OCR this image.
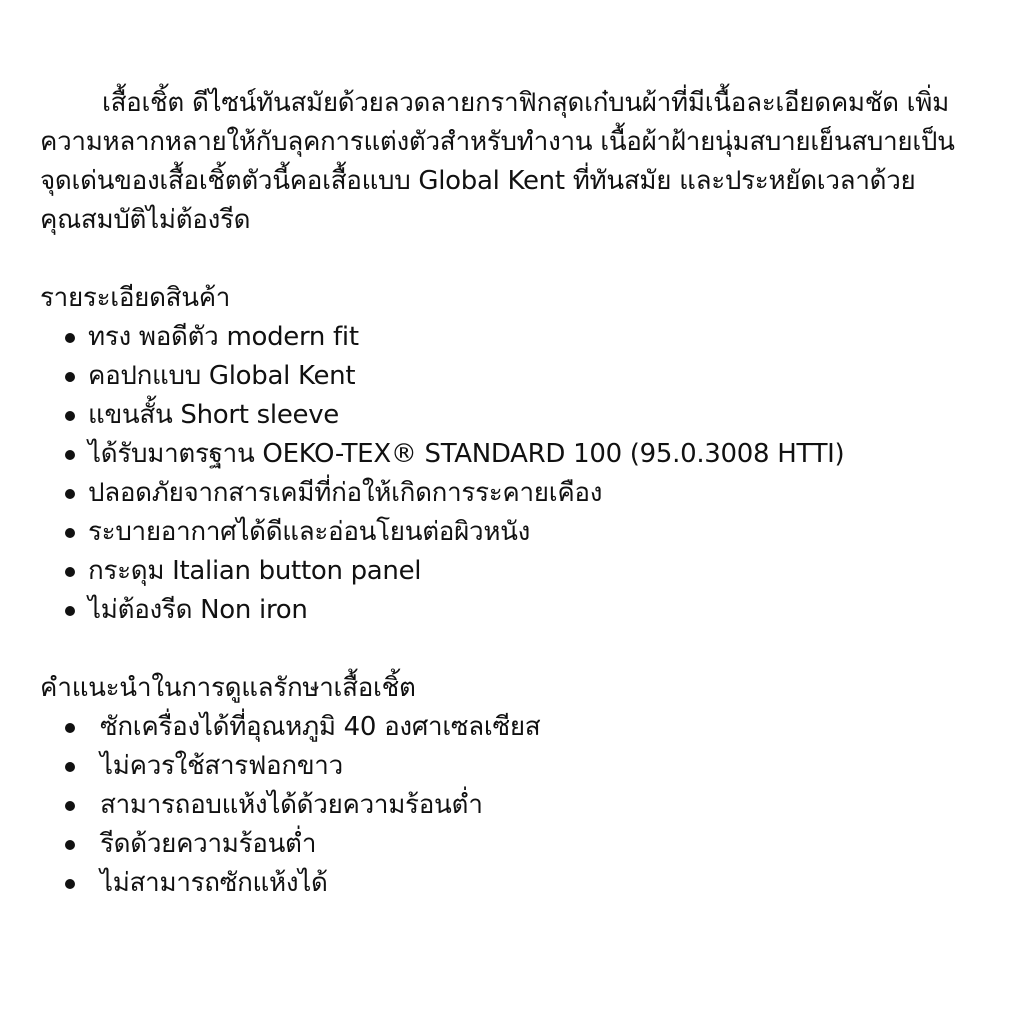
เสื้อเชิ้ต ดีไซน์ทันสมัยด้วยลวดลายกราฟิกสุดเก๋บนผ้าที่มีเนื้อละเอียดคมชัด เพิ่มความหลากหลายให้กับลุคการแต่งตัวสำหรับทำงาน เนื้อผ้าฝ้ายนุ่มสบายเย็นสบายเป็นจุดเด่นของเสื้อเชิ้ตตัวนี้คอเสื้อแบบ Global Kent ที่ทันสมัย และประหยัดเวลาด้วยคุณสมบัติไม่ต้องรีด

รายระเอียดสินค้า
ทรง พอดีตัว modern fit
คอปกแบบ Global Kent
แขนสั้น Short sleeve
ได้รับมาตรฐาน OEKO-TEX® STANDARD 100 (95.0.3008 HTTI)
ปลอดภัยจากสารเคมีที่ก่อให้เกิดการระคายเคือง
ระบายอากาศได้ดีและอ่อนโยนต่อผิวหนัง
กระดุม Italian button panel
ไม่ต้องรีด Non iron
คำแนะนำในการดูแลรักษาเสื้อเชิ้ต
ซักเครื่องได้ที่อุณหภูมิ 40 องศาเซลเซียส
ไม่ควรใช้สารฟอกขาว
สามารถอบแห้งได้ด้วยความร้อนต่ำ
รีดด้วยความร้อนต่ำ
ไม่สามารถซักแห้งได้
